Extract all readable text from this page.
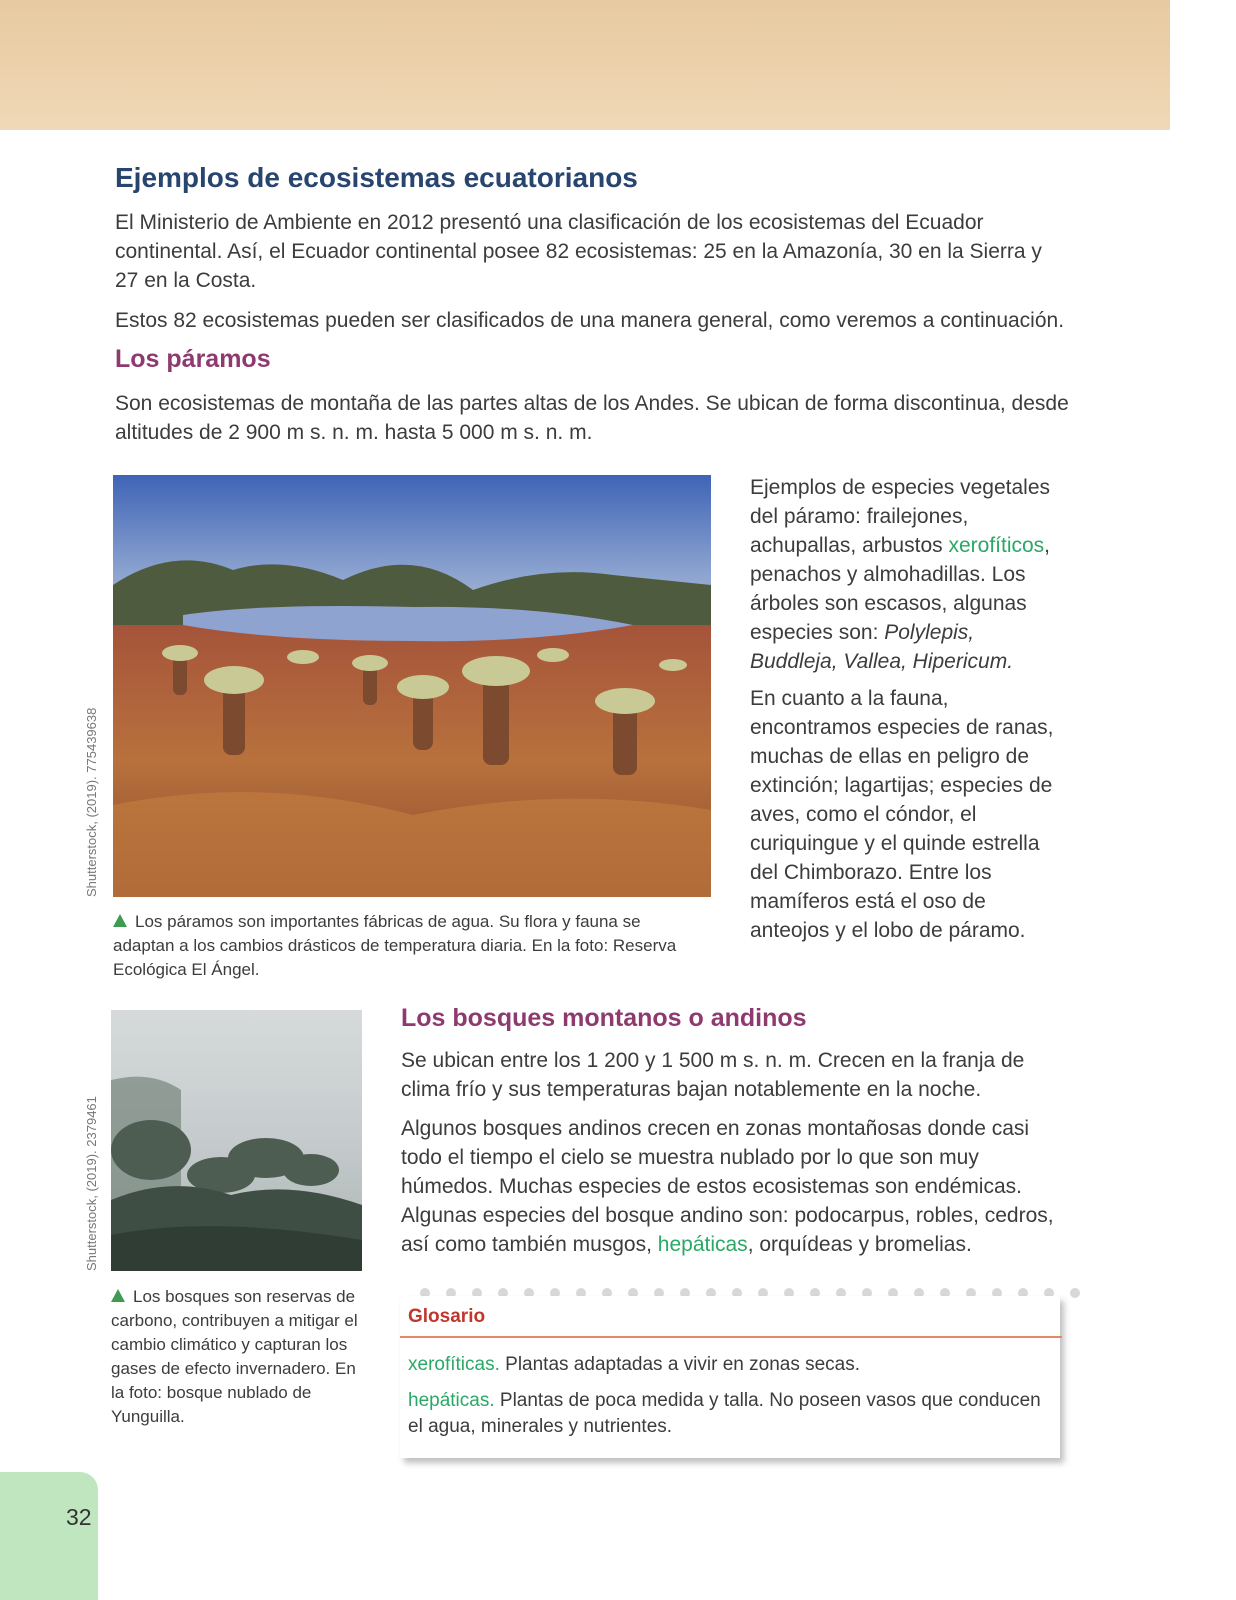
Ejemplos de ecosistemas ecuatorianos

El Ministerio de Ambiente en 2012 presentó una clasificación de los ecosistemas del Ecuador continental. Así, el Ecuador continental posee 82 ecosistemas: 25 en la Amazonía, 30 en la Sierra y 27 en la Costa.

Estos 82 ecosistemas pueden ser clasificados de una manera general, como veremos a continuación.

Los páramos

Son ecosistemas de montaña de las partes altas de los Andes. Se ubican de forma discontinua, desde altitudes de 2 900 m s. n. m. hasta 5 000 m s. n. m.

Shutterstock, (2019). 775439638

Los páramos son importantes fábricas de agua. Su flora y fauna se adaptan a los cambios drásticos de temperatura diaria. En la foto: Reserva Ecológica El Ángel.

Ejemplos de especies vegetales del páramo: frailejones, achupallas, arbustos xerofíticos, penachos y almohadillas. Los árboles son escasos, algunas especies son: Polylepis, Buddleja, Vallea, Hipericum.

En cuanto a la fauna, encontramos especies de ranas, muchas de ellas en peligro de extinción; lagartijas; especies de aves, como el cóndor, el curiquingue y el quinde estrella del Chimborazo. Entre los mamíferos está el oso de anteojos y el lobo de páramo.

Shutterstock, (2019). 2379461

Los bosques son reservas de carbono, contribuyen a mitigar el cambio climático y capturan los gases de efecto invernadero. En la foto: bosque nublado de Yunguilla.

Los bosques montanos o andinos

Se ubican entre los 1 200 y 1 500 m s. n. m. Crecen en la franja de clima frío y sus temperaturas bajan notablemente en la noche.

Algunos bosques andinos crecen en zonas montañosas donde casi todo el tiempo el cielo se muestra nublado por lo que son muy húmedos. Muchas especies de estos ecosistemas son endémicas. Algunas especies del bosque andino son: podocarpus, robles, cedros, así como también musgos, hepáticas, orquídeas y bromelias.

Glosario
xerofíticas. Plantas adaptadas a vivir en zonas secas.
hepáticas. Plantas de poca medida y talla. No poseen vasos que conducen el agua, minerales y nutrientes.
32
